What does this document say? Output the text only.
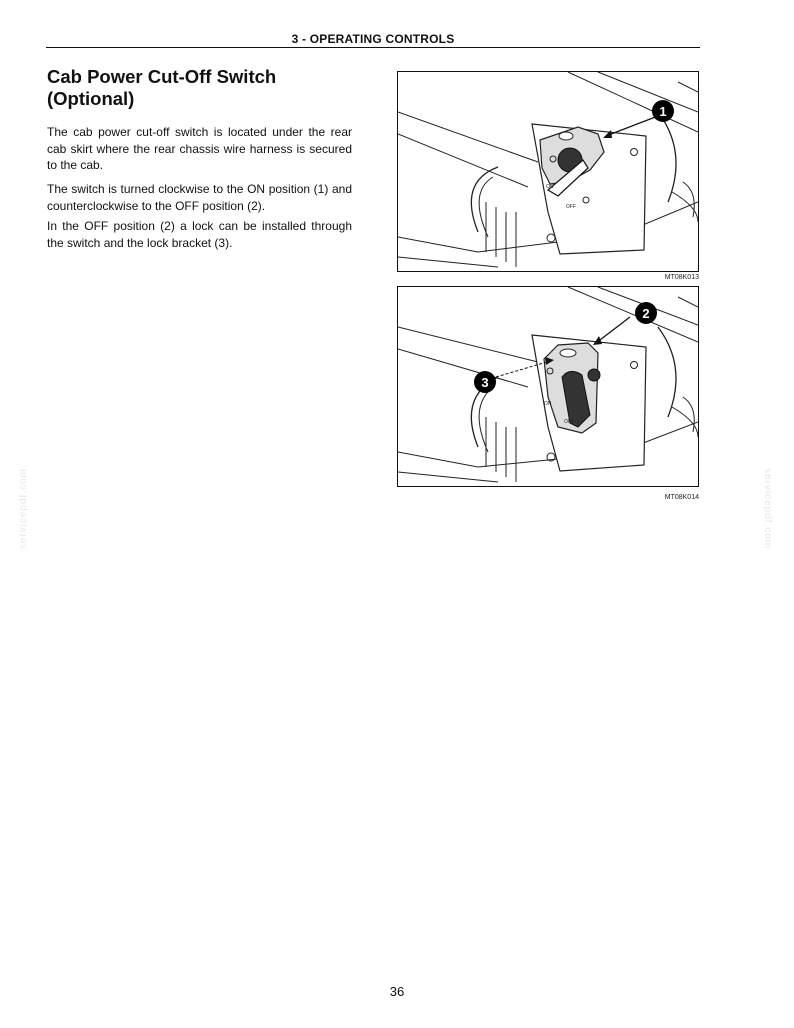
3 - OPERATING CONTROLS
Cab Power Cut-Off Switch
(Optional)

The cab power cut-off switch is located under the rear cab skirt where the rear chassis wire harness is secured to the cab.

The switch is turned clockwise to the ON position (1) and counterclockwise to the OFF position (2).

In the OFF position (2) a lock can be installed through the switch and the lock bracket (3).

ON
OFF
1
MT08K013
ON
OFF
2
3
MT08K014
servicepdf.com	servicepdf.com
36
